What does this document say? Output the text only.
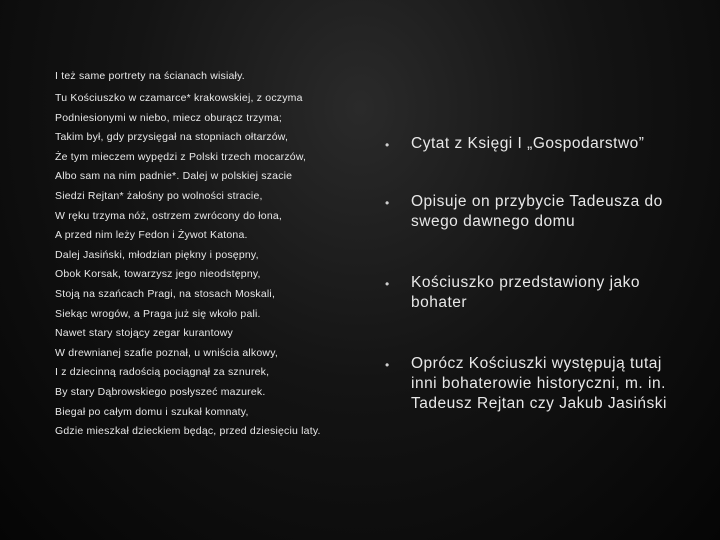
I też same portrety na ścianach wisiały.
Tu Kościuszko w czamarce* krakowskiej, z oczyma
Podniesionymi w niebo, miecz oburącz trzyma;
Takim był, gdy przysięgał na stopniach ołtarzów,
Że tym mieczem wypędzi z Polski trzech mocarzów,
Albo sam na nim padnie*. Dalej w polskiej szacie
Siedzi Rejtan* żałośny po wolności stracie,
W ręku trzyma nóż, ostrzem zwrócony do łona,
A przed nim leży Fedon i Żywot Katona.
Dalej Jasiński, młodzian piękny i posępny,
Obok Korsak, towarzysz jego nieodstępny,
Stoją na szańcach Pragi, na stosach Moskali,
Siekąc wrogów, a Praga już się wkoło pali.
Nawet stary stojący zegar kurantowy
W drewnianej szafie poznał, u wniścia alkowy,
I z dziecinną radością pociągnął za sznurek,
By stary Dąbrowskiego posłyszeć mazurek.
Biegał po całym domu i szukał komnaty,
Gdzie mieszkał dzieckiem będąc, przed dziesięciu laty.
•	Cytat z Księgi I „Gospodarstwo”
•	Opisuje on przybycie Tadeusza do swego dawnego domu
•	Kościuszko przedstawiony jako bohater
•	Oprócz Kościuszki występują tutaj inni bohaterowie historyczni, m. in. Tadeusz Rejtan czy Jakub Jasiński
